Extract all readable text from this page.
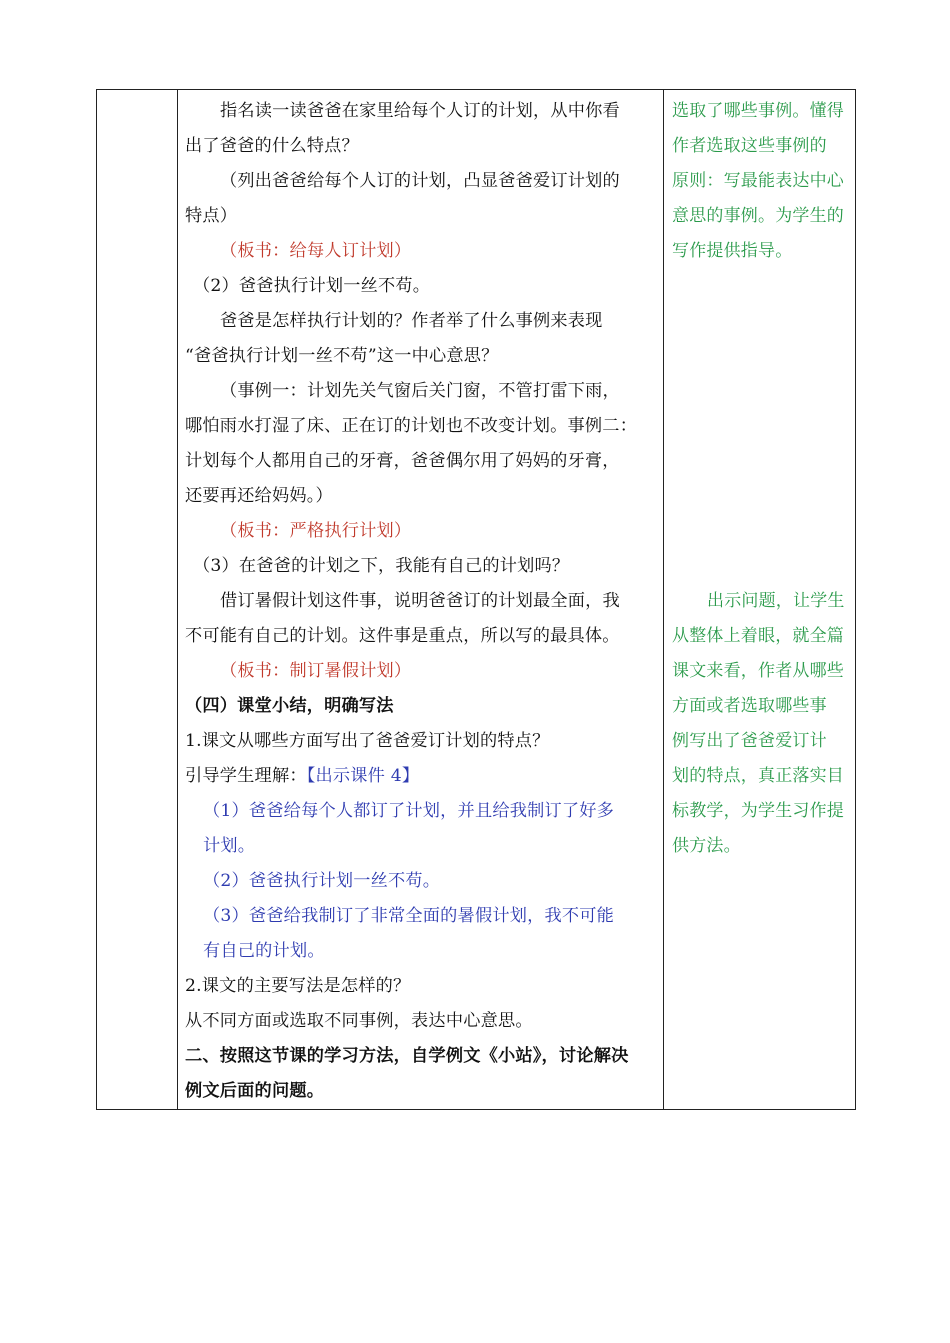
指名读一读爸爸在家里给每个人订的计划，从中你看
出了爸爸的什么特点？
（列出爸爸给每个人订的计划，凸显爸爸爱订计划的
特点）
（板书：给每人订计划）
（2）爸爸执行计划一丝不苟。
爸爸是怎样执行计划的？作者举了什么事例来表现
“爸爸执行计划一丝不苟”这一中心意思？
（事例一：计划先关气窗后关门窗，不管打雷下雨，
哪怕雨水打湿了床、正在订的计划也不改变计划。事例二：
计划每个人都用自己的牙膏，爸爸偶尔用了妈妈的牙膏，
还要再还给妈妈。）
（板书：严格执行计划）
（3）在爸爸的计划之下，我能有自己的计划吗？
借订暑假计划这件事，说明爸爸订的计划最全面，我
不可能有自己的计划。这件事是重点，所以写的最具体。
（板书：制订暑假计划）
（四）课堂小结，明确写法
1.课文从哪些方面写出了爸爸爱订计划的特点？
引导学生理解：【出示课件 4】
（1）爸爸给每个人都订了计划，并且给我制订了好多
计划。
（2）爸爸执行计划一丝不苟。
（3）爸爸给我制订了非常全面的暑假计划，我不可能
有自己的计划。
2.课文的主要写法是怎样的？
从不同方面或选取不同事例，表达中心意思。
二、按照这节课的学习方法，自学例文《小站》，讨论解决
例文后面的问题。
选取了哪些事例。懂得
作者选取这些事例的
原则：写最能表达中心
意思的事例。为学生的
写作提供指导。
出示问题，让学生
从整体上着眼，就全篇
课文来看，作者从哪些
方面或者选取哪些事
例写出了爸爸爱订计
划的特点，真正落实目
标教学，为学生习作提
供方法。
